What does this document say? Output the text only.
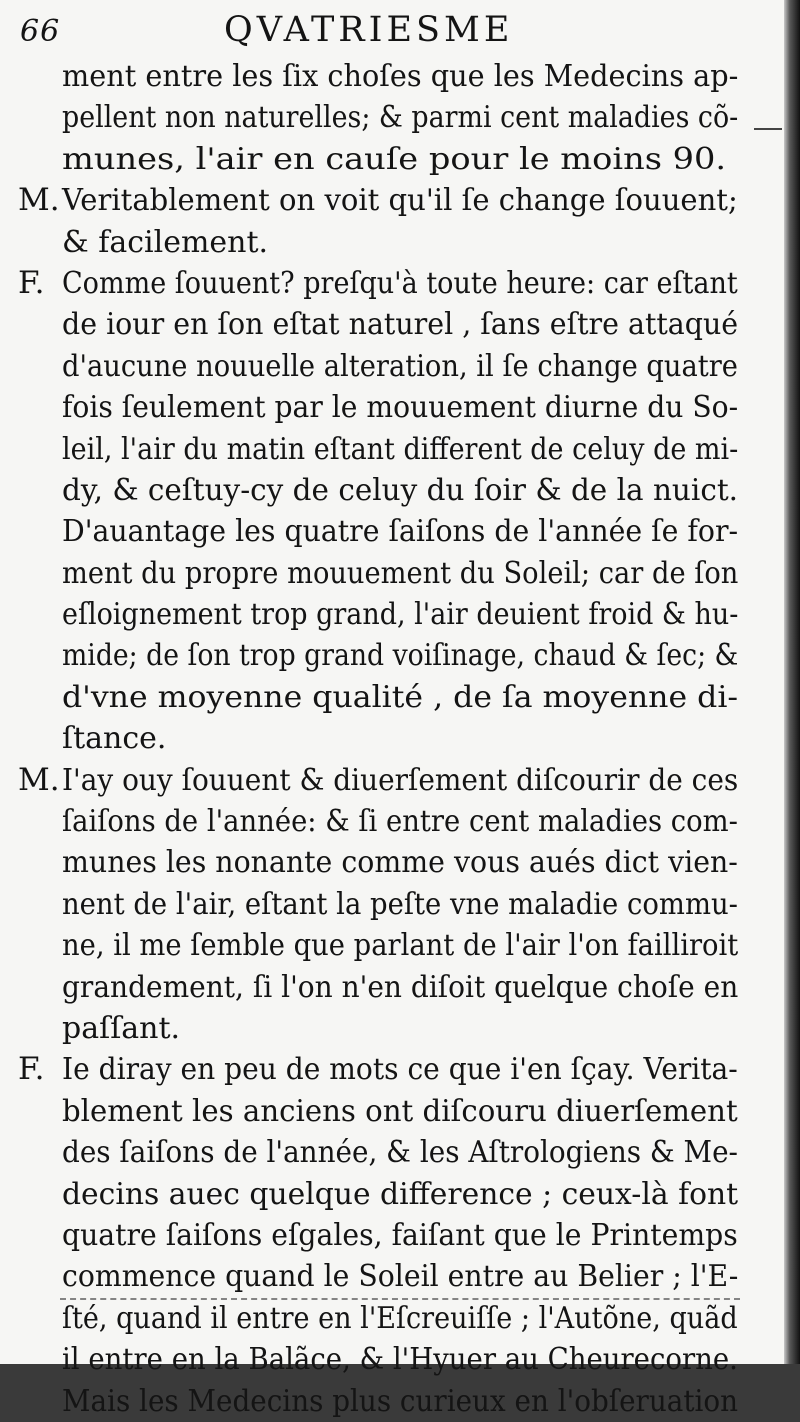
66	QVATRIESME
ment entre les ſix choſes que les Medecins ap-
pellent non naturelles; & parmi cent maladies cõ-
munes, l'air en cauſe pour le moins 90.
M. Veritablement on voit qu'il ſe change ſouuent;
& facilement.
F. Comme ſouuent? preſqu'à toute heure: car eſtant
de iour en ſon eſtat naturel , ſans eſtre attaqué
d'aucune nouuelle alteration, il ſe change quatre
fois ſeulement par le mouuement diurne du So-
leil, l'air du matin eſtant different de celuy de mi-
dy, & ceſtuy-cy de celuy du ſoir & de la nuict.
D'auantage les quatre ſaiſons de l'année ſe for-
ment du propre mouuement du Soleil; car de ſon
eſloignement trop grand, l'air deuient froid & hu-
mide; de ſon trop grand voiſinage, chaud & ſec; &
d'vne moyenne qualité , de ſa moyenne di-
ſtance.
M. I'ay ouy ſouuent & diuerſement diſcourir de ces
ſaiſons de l'année: & ſi entre cent maladies com-
munes les nonante comme vous aués dict vien-
nent de l'air, eſtant la peſte vne maladie commu-
ne, il me ſemble que parlant de l'air l'on failliroit
grandement, ſi l'on n'en diſoit quelque choſe en
paſſant.
F. Ie diray en peu de mots ce que i'en ſçay. Verita-
blement les anciens ont diſcouru diuerſement
des ſaiſons de l'année, & les Aſtrologiens & Me-
decins auec quelque difference ; ceux-là font
quatre ſaiſons eſgales, faiſant que le Printemps
commence quand le Soleil entre au Belier ; l'E-
ſté, quand il entre en l'Eſcreuiſſe ; l'Autõne, quãd
il entre en la Balãce, & l'Hyuer au Cheurecorne.
Mais les Medecins plus curieux en l'obſeruation
